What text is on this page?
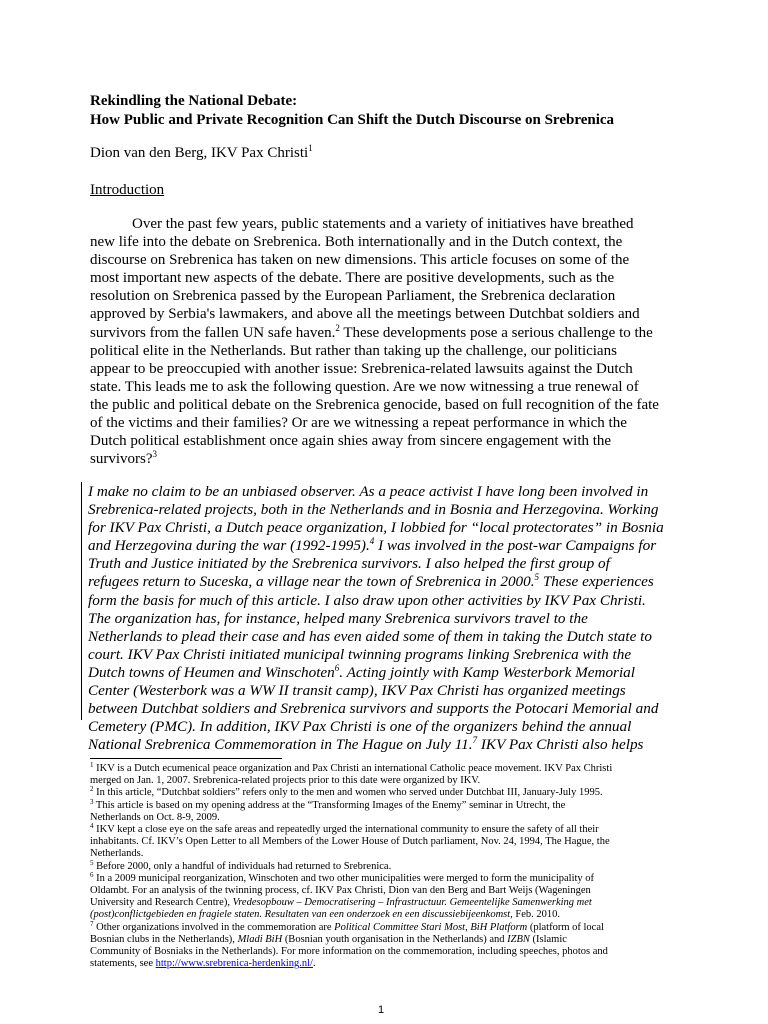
Rekindling the National Debate:
How Public and Private Recognition Can Shift the Dutch Discourse on Srebrenica
Dion van den Berg, IKV Pax Christi$^1$
Introduction
Over the past few years, public statements and a variety of initiatives have breathed
new life into the debate on Srebrenica. Both internationally and in the Dutch context, the
discourse on Srebrenica has taken on new dimensions. This article focuses on some of the
most important new aspects of the debate. There are positive developments, such as the
resolution on Srebrenica passed by the European Parliament, the Srebrenica declaration
approved by Serbia's lawmakers, and above all the meetings between Dutchbat soldiers and
survivors from the fallen UN safe haven.$^2$ These developments pose a serious challenge to the
political elite in the Netherlands. But rather than taking up the challenge, our politicians
appear to be preoccupied with another issue: Srebrenica-related lawsuits against the Dutch
state. This leads me to ask the following question. Are we now witnessing a true renewal of
the public and political debate on the Srebrenica genocide, based on full recognition of the fate
of the victims and their families? Or are we witnessing a repeat performance in which the
Dutch political establishment once again shies away from sincere engagement with the
survivors?$^3$
I make no claim to be an unbiased observer. As a peace activist I have long been involved in
Srebrenica-related projects, both in the Netherlands and in Bosnia and Herzegovina. Working
for IKV Pax Christi, a Dutch peace organization, I lobbied for “local protectorates” in Bosnia
and Herzegovina during the war (1992-1995).$^4$ I was involved in the post-war Campaigns for
Truth and Justice initiated by the Srebrenica survivors. I also helped the first group of
refugees return to Suceska, a village near the town of Srebrenica in 2000.$^5$ These experiences
form the basis for much of this article. I also draw upon other activities by IKV Pax Christi.
The organization has, for instance, helped many Srebrenica survivors travel to the
Netherlands to plead their case and has even aided some of them in taking the Dutch state to
court. IKV Pax Christi initiated municipal twinning programs linking Srebrenica with the
Dutch towns of Heumen and Winschoten$^6$. Acting jointly with Kamp Westerbork Memorial
Center (Westerbork was a WW II transit camp), IKV Pax Christi has organized meetings
between Dutchbat soldiers and Srebrenica survivors and supports the Potocari Memorial and
Cemetery (PMC). In addition, IKV Pax Christi is one of the organizers behind the annual
National Srebrenica Commemoration in The Hague on July 11.$^7$ IKV Pax Christi also helps
$^1$ IKV is a Dutch ecumenical peace organization and Pax Christi an international Catholic peace movement. IKV Pax Christi
merged on Jan. 1, 2007. Srebrenica-related projects prior to this date were organized by IKV.
$^2$ In this article, “Dutchbat soldiers” refers only to the men and women who served under Dutchbat III, January-July 1995.
$^3$ This article is based on my opening address at the “Transforming Images of the Enemy” seminar in Utrecht, the
Netherlands on Oct. 8-9, 2009.
$^4$ IKV kept a close eye on the safe areas and repeatedly urged the international community to ensure the safety of all their
inhabitants. Cf. IKV’s Open Letter to all Members of the Lower House of Dutch parliament, Nov. 24, 1994, The Hague, the
Netherlands.
$^5$ Before 2000, only a handful of individuals had returned to Srebrenica.
$^6$ In a 2009 municipal reorganization, Winschoten and two other municipalities were merged to form the municipality of
Oldambt. For an analysis of the twinning process, cf. IKV Pax Christi, Dion van den Berg and Bart Weijs (Wageningen
University and Research Centre), Vredesopbouw – Democratisering – Infrastructuur. Gemeentelijke Samenwerking met
(post)conflictgebieden en fragiele staten. Resultaten van een onderzoek en een discussiebijeenkomst, Feb. 2010.
$^7$ Other organizations involved in the commemoration are Political Committee Stari Most, BiH Platform (platform of local
Bosnian clubs in the Netherlands), Mladi BiH (Bosnian youth organisation in the Netherlands) and IZBN (Islamic
Community of Bosniaks in the Netherlands). For more information on the commemoration, including speeches, photos and
statements, see http://www.srebrenica-herdenking.nl/.
1
